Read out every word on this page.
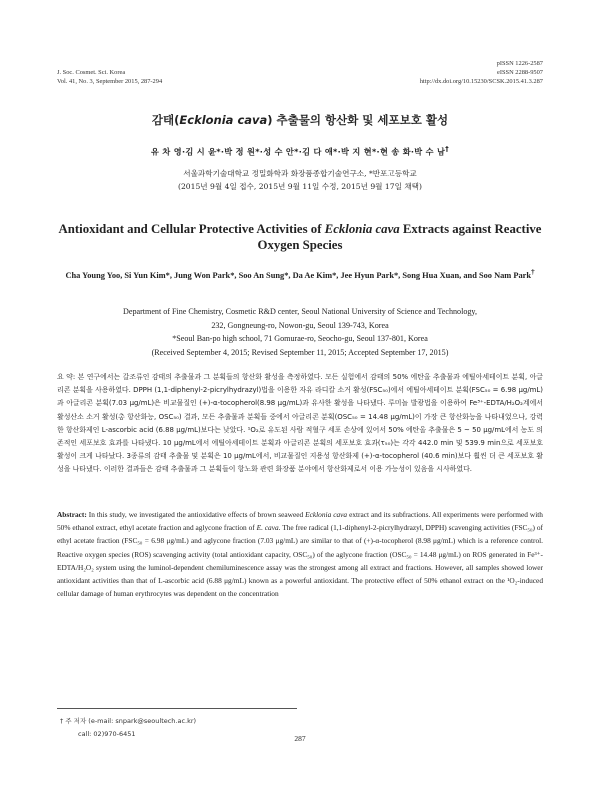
J. Soc. Cosmet. Sci. Korea
Vol. 41, No. 3, September 2015, 287-294
pISSN 1226-2587
eISSN 2288-9507
http://dx.doi.org/10.15230/SCSK.2015.41.3.287
감태(Ecklonia cava) 추출물의 항산화 및 세포보호 활성
유 차 영·김 시 윤*·박 정 원*·성 수 안*·김 다 애*·박 지 현*·현 송 화·박 수 남†
서울과학기술대학교 정밀화학과 화장품종합기술연구소, *반포고등학교
(2015년 9월 4일 접수, 2015년 9월 11일 수정, 2015년 9월 17일 채택)
Antioxidant and Cellular Protective Activities of Ecklonia cava Extracts against Reactive Oxygen Species
Cha Young Yoo, Si Yun Kim*, Jung Won Park*, Soo An Sung*, Da Ae Kim*, Jee Hyun Park*, Song Hua Xuan, and Soo Nam Park†
Department of Fine Chemistry, Cosmetic R&D center, Seoul National University of Science and Technology,
232, Gongneung-ro, Nowon-gu, Seoul 139-743, Korea
*Seoul Ban-po high school, 71 Gomurae-ro, Seocho-gu, Seoul 137-801, Korea
(Received September 4, 2015; Revised September 11, 2015; Accepted September 17, 2015)
요 약: 본 연구에서는 갈조류인 감태의 추출물과 그 분획들의 항산화 활성을 측정하였다. 모든 실험에서 감태의 50% 에탄올 추출물과 에틸아세테이트 분획, 아글리콘 분획을 사용하였다. DPPH (1,1-diphenyl-2-picrylhydrazyl)법을 이용한 자유 라디칼 소거 활성(FSC₅₀)에서 에틸아세테이트 분획(FSC₅₀ = 6.98 μg/mL)과 아글리콘 분획(7.03 μg/mL)은 비교물질인 (+)-α-tocopherol(8.98 μg/mL)과 유사한 활성을 나타냈다. 루미놀 발광법을 이용하여 Fe³⁺-EDTA/H₂O₂계에서 활성산소 소거 활성(총 항산화능, OSC₅₀) 결과, 모든 추출물과 분획들 중에서 아글리콘 분획(OSC₅₀ = 14.48 μg/mL)이 가장 큰 항산화능을 나타내었으나, 강력한 항산화제인 L-ascorbic acid (6.88 μg/mL)보다는 낮았다. ¹O₂로 유도된 사람 적혈구 세포 손상에 있어서 50% 에탄올 추출물은 5 ~ 50 μg/mL에서 농도 의존적인 세포보호 효과를 나타냈다. 10 μg/mL에서 에틸아세테이트 분획과 아글리콘 분획의 세포보호 효과(τ₅₀)는 각각 442.0 min 및 539.9 min으로 세포보호 활성이 크게 나타났다. 3종류의 감태 추출물 및 분획은 10 μg/mL에서, 비교물질인 지용성 항산화제 (+)-α-tocopherol (40.6 min)보다 훨씬 더 큰 세포보호 활성을 나타냈다. 이러한 결과들은 감태 추출물과 그 분획들이 항노화 관련 화장품 분야에서 항산화제로서 이용 가능성이 있음을 시사하였다.
Abstract: In this study, we investigated the antioxidative effects of brown seaweed Ecklonia cava extract and its subfractions. All experiments were performed with 50% ethanol extract, ethyl acetate fraction and aglycone fraction of E. cava. The free radical (1,1-diphenyl-2-picrylhydrazyl, DPPH) scavenging activities (FSC₅₀) of ethyl acetate fraction (FSC₅₀ = 6.98 μg/mL) and aglycone fraction (7.03 μg/mL) are similar to that of (+)-α-tocopherol (8.98 μg/mL) which is a reference control. Reactive oxygen species (ROS) scavenging activity (total antioxidant capacity, OSC₅₀) of the aglycone fraction (OSC₅₀ = 14.48 μg/mL) on ROS generated in Fe³⁺-EDTA/H₂O₂ system using the luminol-dependent chemiluminescence assay was the strongest among all extract and fractions. However, all samples showed lower antioxidant activities than that of L-ascorbic acid (6.88 μg/mL) known as a powerful antioxidant. The protective effect of 50% ethanol extract on the ¹O₂-induced cellular damage of human erythrocytes was dependent on the concentration
† 주 저자 (e-mail: snpark@seoultech.ac.kr)
call: 02)970-6451	287
